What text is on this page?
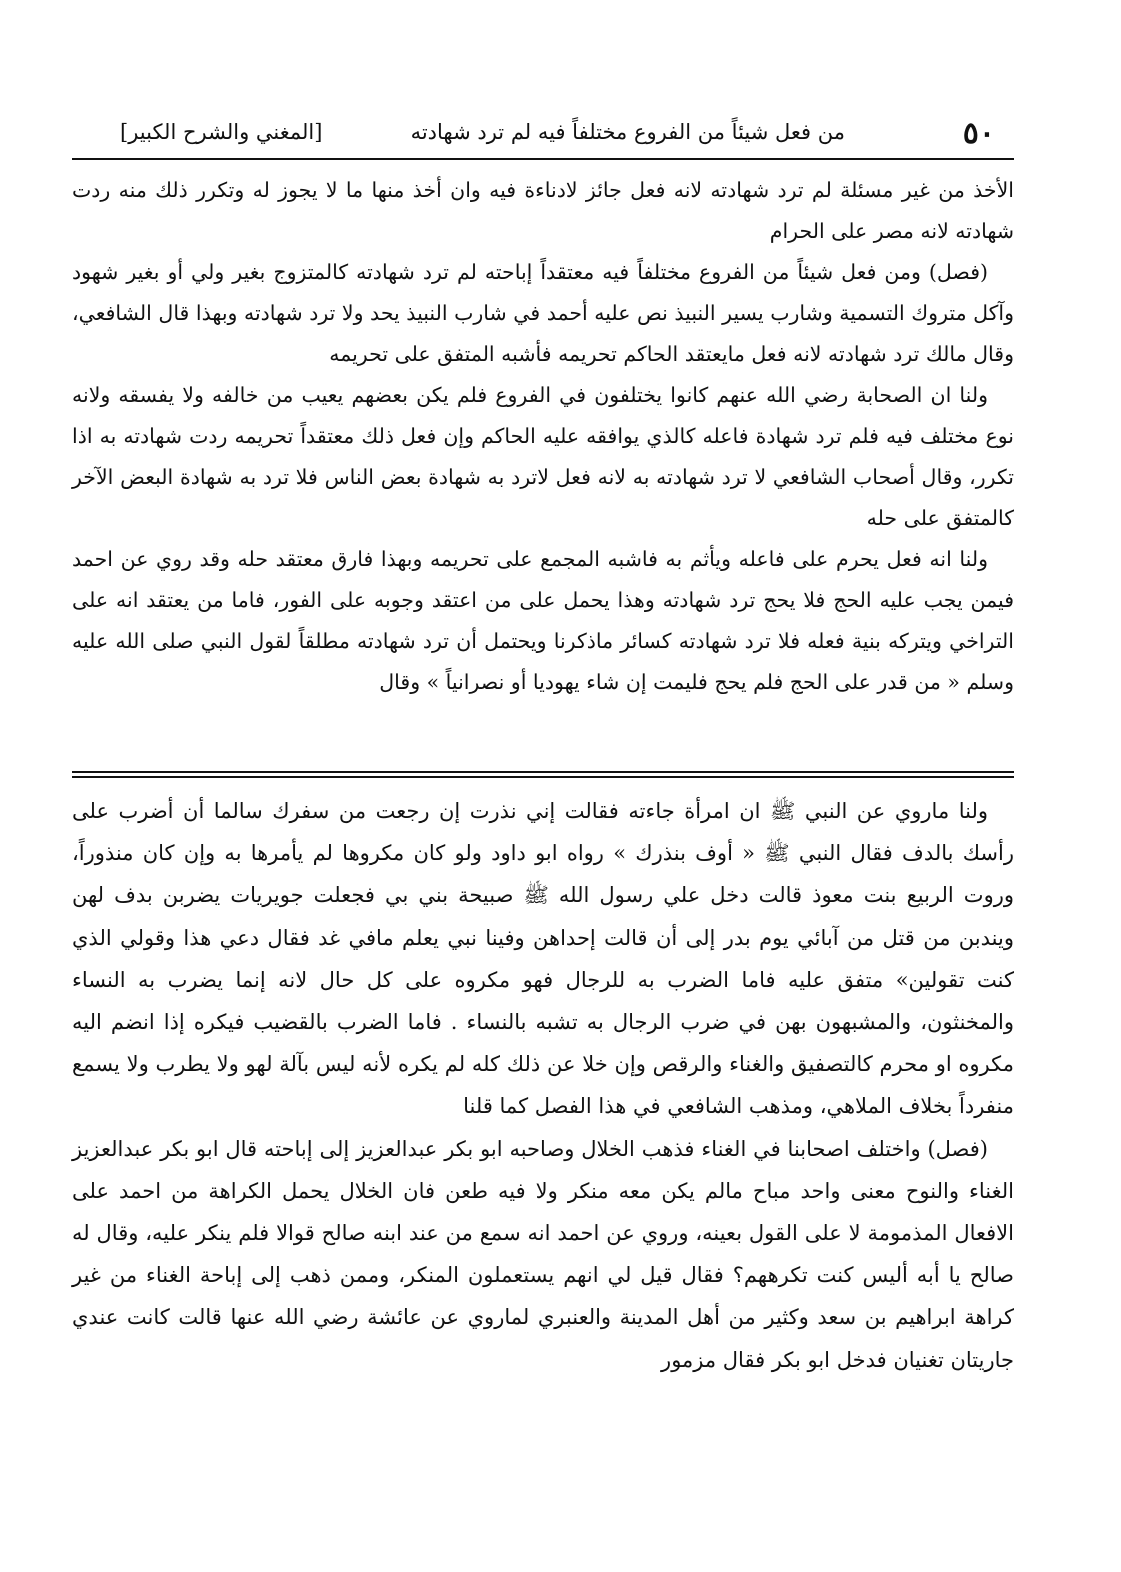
٥٠
من فعل شيئاً من الفروع مختلفاً فيه لم ترد شهادته
[المغني والشرح الكبير]

الأخذ من غير مسئلة لم ترد شهادته لانه فعل جائز لادناءة فيه وان أخذ منها ما لا يجوز له وتكرر ذلك منه ردت شهادته لانه مصر على الحرام

(فصل) ومن فعل شيئاً من الفروع مختلفاً فيه معتقداً إباحته لم ترد شهادته كالمتزوج بغير ولي أو بغير شهود وآكل متروك التسمية وشارب يسير النبيذ نص عليه أحمد في شارب النبيذ يحد ولا ترد شهادته وبهذا قال الشافعي، وقال مالك ترد شهادته لانه فعل مايعتقد الحاكم تحريمه فأشبه المتفق على تحريمه

ولنا ان الصحابة رضي الله عنهم كانوا يختلفون في الفروع فلم يكن بعضهم يعيب من خالفه ولا يفسقه ولانه نوع مختلف فيه فلم ترد شهادة فاعله كالذي يوافقه عليه الحاكم وإن فعل ذلك معتقداً تحريمه ردت شهادته به اذا تكرر، وقال أصحاب الشافعي لا ترد شهادته به لانه فعل لاترد به شهادة بعض الناس فلا ترد به شهادة البعض الآخر كالمتفق على حله

ولنا انه فعل يحرم على فاعله ويأثم به فاشبه المجمع على تحريمه وبهذا فارق معتقد حله وقد روي عن احمد فيمن يجب عليه الحج فلا يحج ترد شهادته وهذا يحمل على من اعتقد وجوبه على الفور، فاما من يعتقد انه على التراخي ويتركه بنية فعله فلا ترد شهادته كسائر ماذكرنا ويحتمل أن ترد شهادته مطلقاً لقول النبي صلى الله عليه وسلم « من قدر على الحج فلم يحج فليمت إن شاء يهوديا أو نصرانياً » وقال

ولنا ماروي عن النبي ﷺ ان امرأة جاءته فقالت إني نذرت إن رجعت من سفرك سالما أن أضرب على رأسك بالدف فقال النبي ﷺ « أوف بنذرك » رواه ابو داود ولو كان مكروها لم يأمرها به وإن كان منذوراً، وروت الربيع بنت معوذ قالت دخل علي رسول الله ﷺ صبيحة بني بي فجعلت جويريات يضربن بدف لهن ويندبن من قتل من آبائي يوم بدر إلى أن قالت إحداهن وفينا نبي يعلم مافي غد فقال دعي هذا وقولي الذي كنت تقولين» متفق عليه فاما الضرب به للرجال فهو مكروه على كل حال لانه إنما يضرب به النساء والمخنثون، والمشبهون بهن في ضرب الرجال به تشبه بالنساء . فاما الضرب بالقضيب فيكره إذا انضم اليه مكروه او محرم كالتصفيق والغناء والرقص وإن خلا عن ذلك كله لم يكره لأنه ليس بآلة لهو ولا يطرب ولا يسمع منفرداً بخلاف الملاهي، ومذهب الشافعي في هذا الفصل كما قلنا

(فصل) واختلف اصحابنا في الغناء فذهب الخلال وصاحبه ابو بكر عبدالعزيز إلى إباحته قال ابو بكر عبدالعزيز الغناء والنوح معنى واحد مباح مالم يكن معه منكر ولا فيه طعن فان الخلال يحمل الكراهة من احمد على الافعال المذمومة لا على القول بعينه، وروي عن احمد انه سمع من عند ابنه صالح قوالا فلم ينكر عليه، وقال له صالح يا أبه أليس كنت تكرههم؟ فقال قيل لي انهم يستعملون المنكر، وممن ذهب إلى إباحة الغناء من غير كراهة ابراهيم بن سعد وكثير من أهل المدينة والعنبري لماروي عن عائشة رضي الله عنها قالت كانت عندي جاريتان تغنيان فدخل ابو بكر فقال مزمور
